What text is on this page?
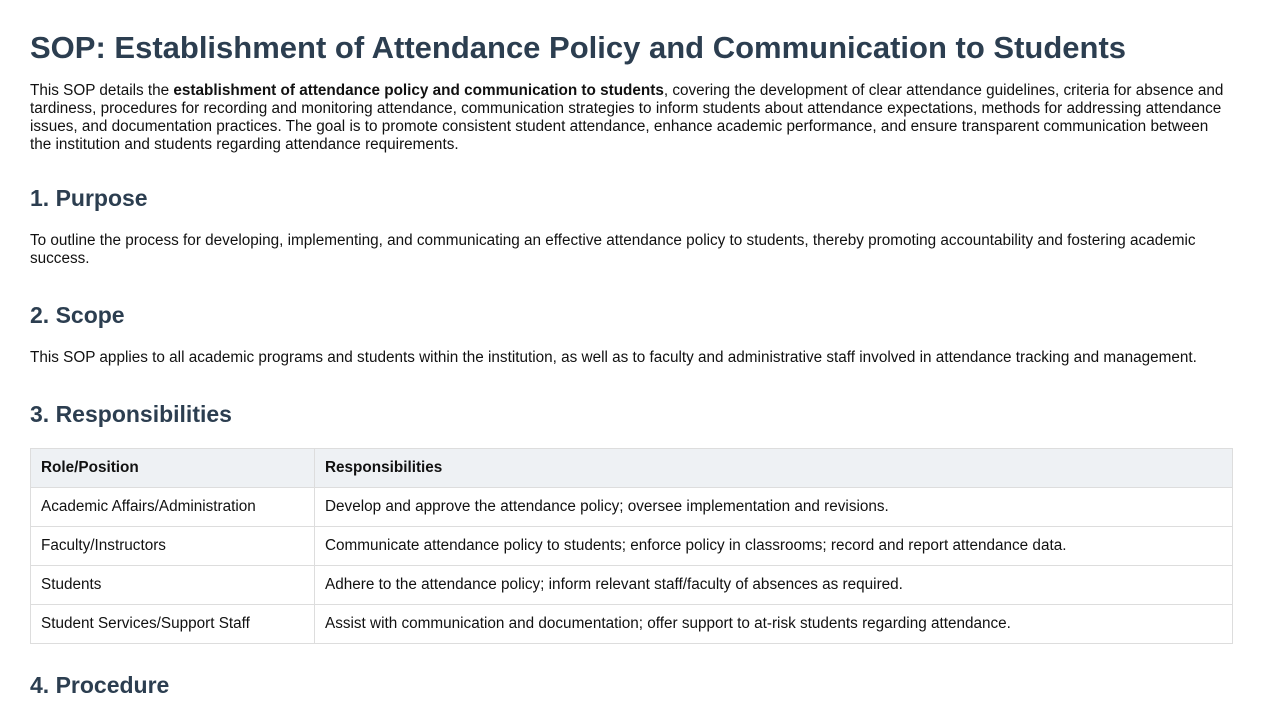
SOP: Establishment of Attendance Policy and Communication to Students

This SOP details the establishment of attendance policy and communication to students, covering the development of clear attendance guidelines, criteria for absence and tardiness, procedures for recording and monitoring attendance, communication strategies to inform students about attendance expectations, methods for addressing attendance issues, and documentation practices. The goal is to promote consistent student attendance, enhance academic performance, and ensure transparent communication between the institution and students regarding attendance requirements.

1. Purpose

To outline the process for developing, implementing, and communicating an effective attendance policy to students, thereby promoting accountability and fostering academic success.

2. Scope

This SOP applies to all academic programs and students within the institution, as well as to faculty and administrative staff involved in attendance tracking and management.

3. Responsibilities
Role/Position	Responsibilities
Academic Affairs/Administration	Develop and approve the attendance policy; oversee implementation and revisions.
Faculty/Instructors	Communicate attendance policy to students; enforce policy in classrooms; record and report attendance data.
Students	Adhere to the attendance policy; inform relevant staff/faculty of absences as required.
Student Services/Support Staff	Assist with communication and documentation; offer support to at-risk students regarding attendance.
4. Procedure
